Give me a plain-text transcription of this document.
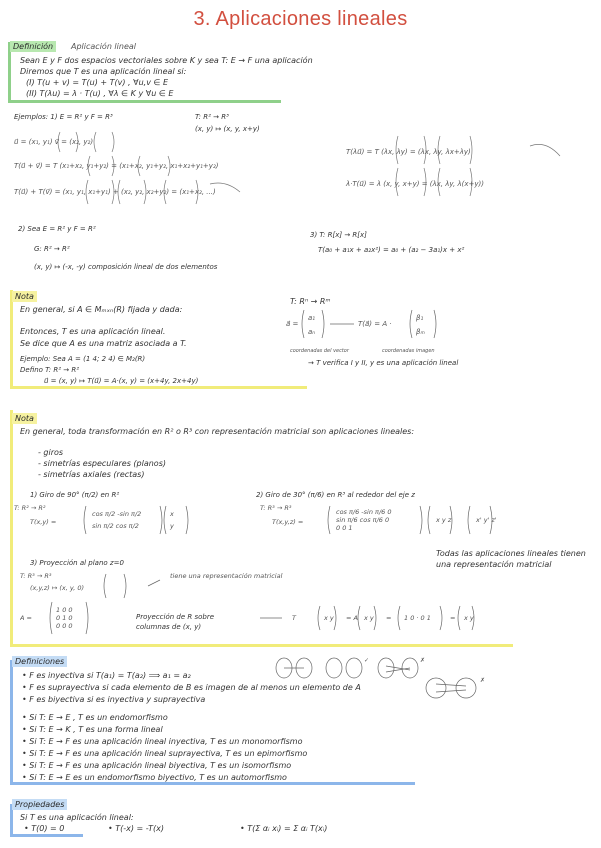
3. Aplicaciones lineales
Definición	Aplicación lineal
Sean E y F dos espacios vectoriales sobre K y sea T: E → F una aplicación
Diremos que T es una aplicación lineal si:
(I) T(u + v) = T(u) + T(v) , ∀u,v ∈ E
(II) T(λu) = λ · T(u) , ∀λ ∈ K y ∀u ∈ E
Ejemplos: 1) E = R² y F = R³	T: R² → R³
(x, y) ↦ (x, y, x+y)
u⃗ = (x₁, y₁) v⃗ = (x₂, y₂)
T(u⃗ + v⃗) = T (x₁+x₂, y₁+y₂) = (x₁+x₂, y₁+y₂, x₁+x₂+y₁+y₂)
T(u⃗) + T(v⃗) = (x₁, y₁, x₁+y₁) + (x₂, y₂, x₂+y₂) = (x₁+x₂, ...)
T(λu⃗) = T (λx, λy) = (λx, λy, λx+λy)
λ·T(u⃗) = λ (x, y, x+y) = (λx, λy, λ(x+y))
2) Sea E = R² y F = R²
G: R² → R²
(x, y) ↦ (-x, -y) composición lineal de dos elementos
3) T: R[x] → R[x]
T(a₀ + a₁x + a₂x²) = a₀ + (a₂ − 3a₁)x + x²
Nota
En general, si A ∈ Mₘₓₙ(R) fijada y dada:
Entonces, T es una aplicación lineal.
Se dice que A es una matriz asociada a T.
Ejemplo: Sea A = (1 4; 2 4) ∈ M₂(R)
Defino T: R² → R²
u⃗ = (x, y) ↦ T(u⃗) = A·(x, y) = (x+4y, 2x+4y)
T: Rⁿ → Rᵐ
a⃗ =
a₁
aₙ
T(a⃗) = A ·
β₁
βₘ
coordenadas del vector	coordenadas imagen
→ T verifica I y II, y es una aplicación lineal
Nota
En general, toda transformación en R² o R³ con representación matricial son aplicaciones lineales:
- giros
- simetrías especulares (planos)
- simetrías axiales (rectas)
1) Giro de 90° (π/2) en R²	2) Giro de 30° (π/6) en R³ al rededor del eje z
T: R² → R²
T(x,y) =
cos π/2 -sin π/2
sin π/2 cos π/2
x
y
T: R³ → R³
T(x,y,z) =
cos π/6 -sin π/6 0
sin π/6 cos π/6 0
0 0 1
x y z	x' y' z'
3) Proyección al plano z=0
T: R³ → R³
(x,y,z) ↦ (x, y, 0)
tiene una representación matricial
A =
1 0 0
0 1 0
0 0 0
T	x y = A x y = 1 0 · 0 1	= x y
Proyección de R sobre columnas de (x, y)
Todas las aplicaciones lineales tienen una representación matricial
Definiciones
• F es inyectiva si T(a₁) = T(a₂) ⟹ a₁ = a₂
• F es suprayectiva si cada elemento de B es imagen de al menos un elemento de A
• F es biyectiva si es inyectiva y suprayectiva
• Si T: E → E , T es un endomorfismo
• Si T: E → K , T es una forma lineal
• Si T: E → F es una aplicación lineal inyectiva, T es un monomorfismo
• Si T: E → F es una aplicación lineal suprayectiva, T es un epimorfismo
• Si T: E → F es una aplicación lineal biyectiva, T es un isomorfismo
• Si T: E → E es un endomorfismo biyectivo, T es un automorfismo
✓	✗
✗
Propiedades
Si T es una aplicación lineal:
• T(0) = 0	• T(-x) = -T(x)	• T(Σ αᵢ xᵢ) = Σ αᵢ T(xᵢ)
